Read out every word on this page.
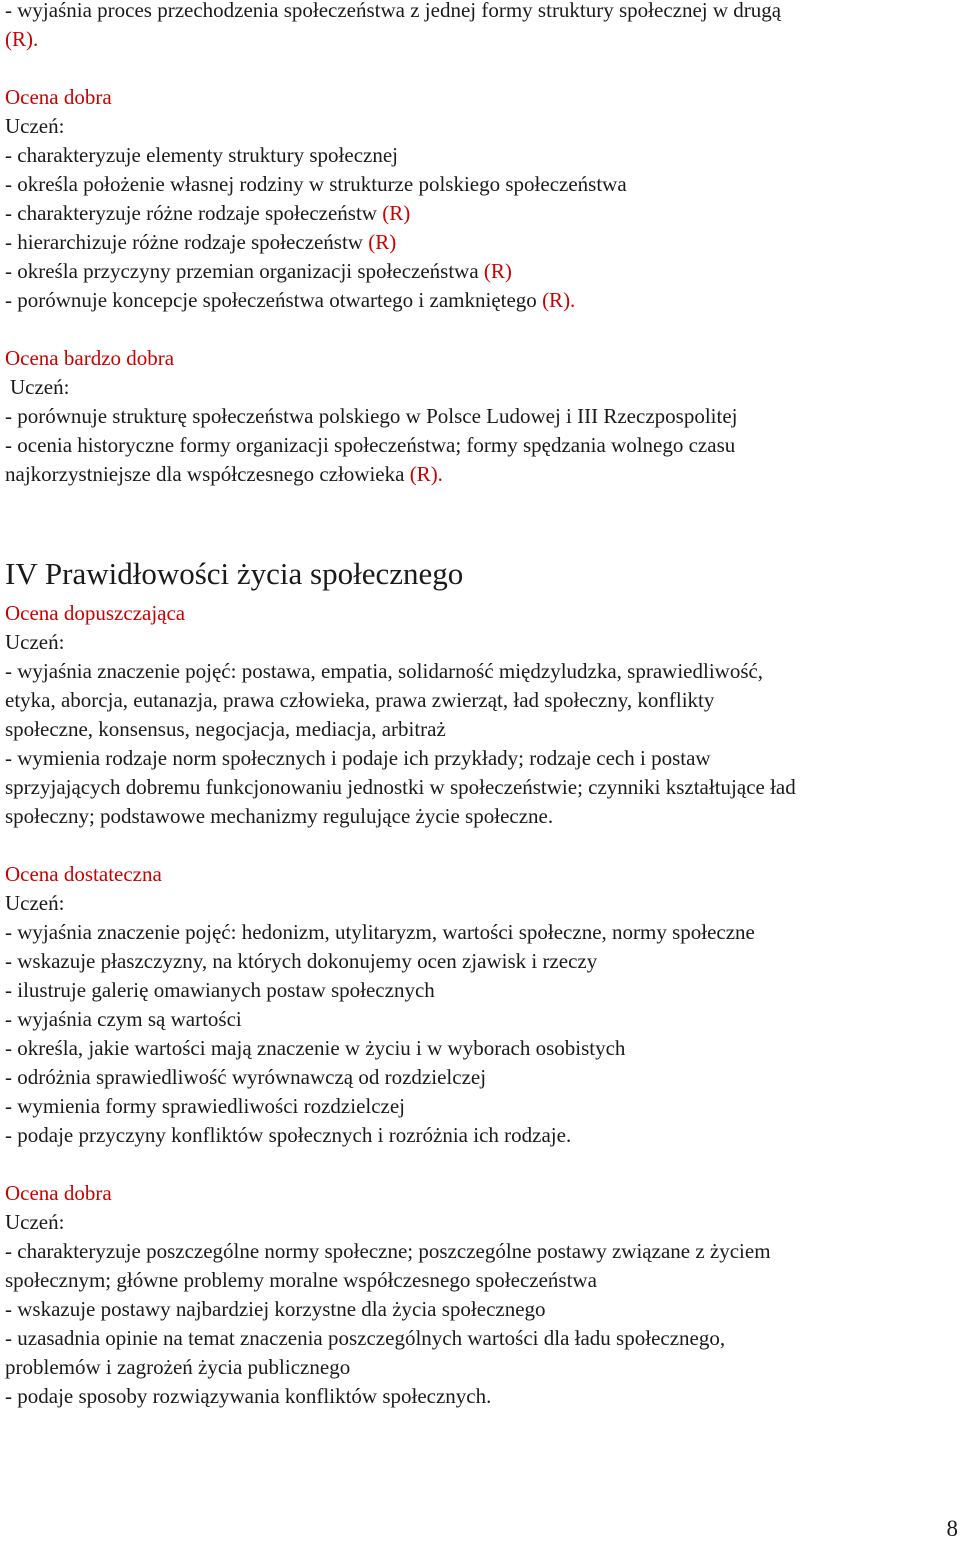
- wyjaśnia proces przechodzenia społeczeństwa z jednej formy struktury społecznej w drugą
(R).
Ocena dobra
Uczeń:
- charakteryzuje elementy struktury społecznej
- określa położenie własnej rodziny w strukturze polskiego społeczeństwa
- charakteryzuje różne rodzaje społeczeństw (R)
- hierarchizuje różne rodzaje społeczeństw (R)
- określa przyczyny przemian organizacji społeczeństwa (R)
- porównuje koncepcje społeczeństwa otwartego i zamkniętego (R).
Ocena bardzo dobra
Uczeń:
- porównuje strukturę społeczeństwa polskiego w Polsce Ludowej i III Rzeczpospolitej
- ocenia historyczne formy organizacji społeczeństwa; formy spędzania wolnego czasu
najkorzystniejsze dla współczesnego człowieka (R).
IV Prawidłowości życia społecznego
Ocena dopuszczająca
Uczeń:
- wyjaśnia znaczenie pojęć: postawa, empatia, solidarność międzyludzka, sprawiedliwość,
etyka, aborcja, eutanazja, prawa człowieka, prawa zwierząt, ład społeczny, konflikty
społeczne, konsensus, negocjacja, mediacja, arbitraż
- wymienia rodzaje norm społecznych i podaje ich przykłady; rodzaje cech i postaw
sprzyjających dobremu funkcjonowaniu jednostki w społeczeństwie; czynniki kształtujące ład
społeczny; podstawowe mechanizmy regulujące życie społeczne.
Ocena dostateczna
Uczeń:
- wyjaśnia znaczenie pojęć: hedonizm, utylitaryzm, wartości społeczne, normy społeczne
- wskazuje płaszczyzny, na których dokonujemy ocen zjawisk i rzeczy
- ilustruje galerię omawianych postaw społecznych
- wyjaśnia czym są wartości
- określa, jakie wartości mają znaczenie w życiu i w wyborach osobistych
- odróżnia sprawiedliwość wyrównawczą od rozdzielczej
- wymienia formy sprawiedliwości rozdzielczej
- podaje przyczyny konfliktów społecznych i rozróżnia ich rodzaje.
Ocena dobra
Uczeń:
- charakteryzuje poszczególne normy społeczne; poszczególne postawy związane z życiem
społecznym; główne problemy moralne współczesnego społeczeństwa
- wskazuje postawy najbardziej korzystne dla życia społecznego
- uzasadnia opinie na temat znaczenia poszczególnych wartości dla ładu społecznego,
problemów i zagrożeń życia publicznego
- podaje sposoby rozwiązywania konfliktów społecznych.
8
